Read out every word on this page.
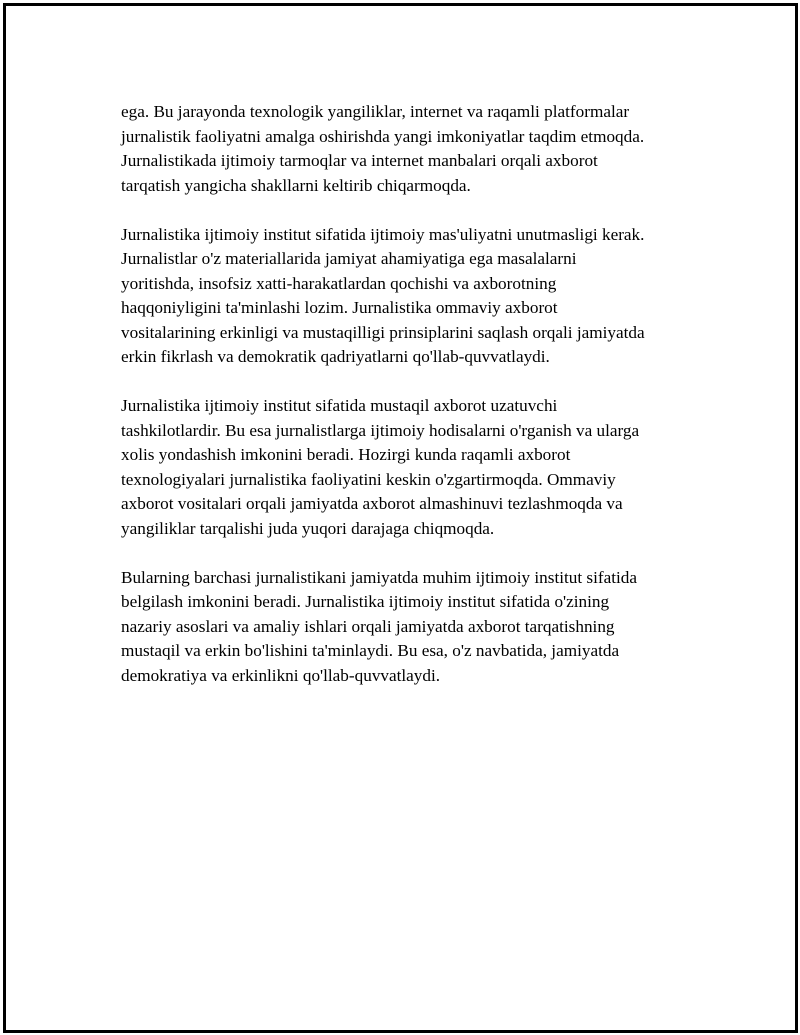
ega. Bu jarayonda texnologik yangiliklar, internet va raqamli platformalar
jurnalistik faoliyatni amalga oshirishda yangi imkoniyatlar taqdim etmoqda.
Jurnalistikada ijtimoiy tarmoqlar va internet manbalari orqali axborot
tarqatish yangicha shakllarni keltirib chiqarmoqda.

Jurnalistika ijtimoiy institut sifatida ijtimoiy mas'uliyatni unutmasligi kerak.
Jurnalistlar o'z materiallarida jamiyat ahamiyatiga ega masalalarni
yoritishda, insofsiz xatti-harakatlardan qochishi va axborotning
haqqoniyligini ta'minlashi lozim. Jurnalistika ommaviy axborot
vositalarining erkinligi va mustaqilligi prinsiplarini saqlash orqali jamiyatda
erkin fikrlash va demokratik qadriyatlarni qo'llab-quvvatlaydi.

Jurnalistika ijtimoiy institut sifatida mustaqil axborot uzatuvchi
tashkilotlardir. Bu esa jurnalistlarga ijtimoiy hodisalarni o'rganish va ularga
xolis yondashish imkonini beradi. Hozirgi kunda raqamli axborot
texnologiyalari jurnalistika faoliyatini keskin o'zgartirmoqda. Ommaviy
axborot vositalari orqali jamiyatda axborot almashinuvi tezlashmoqda va
yangiliklar tarqalishi juda yuqori darajaga chiqmoqda.

Bularning barchasi jurnalistikani jamiyatda muhim ijtimoiy institut sifatida
belgilash imkonini beradi. Jurnalistika ijtimoiy institut sifatida o'zining
nazariy asoslari va amaliy ishlari orqali jamiyatda axborot tarqatishning
mustaqil va erkin bo'lishini ta'minlaydi. Bu esa, o'z navbatida, jamiyatda
demokratiya va erkinlikni qo'llab-quvvatlaydi.
